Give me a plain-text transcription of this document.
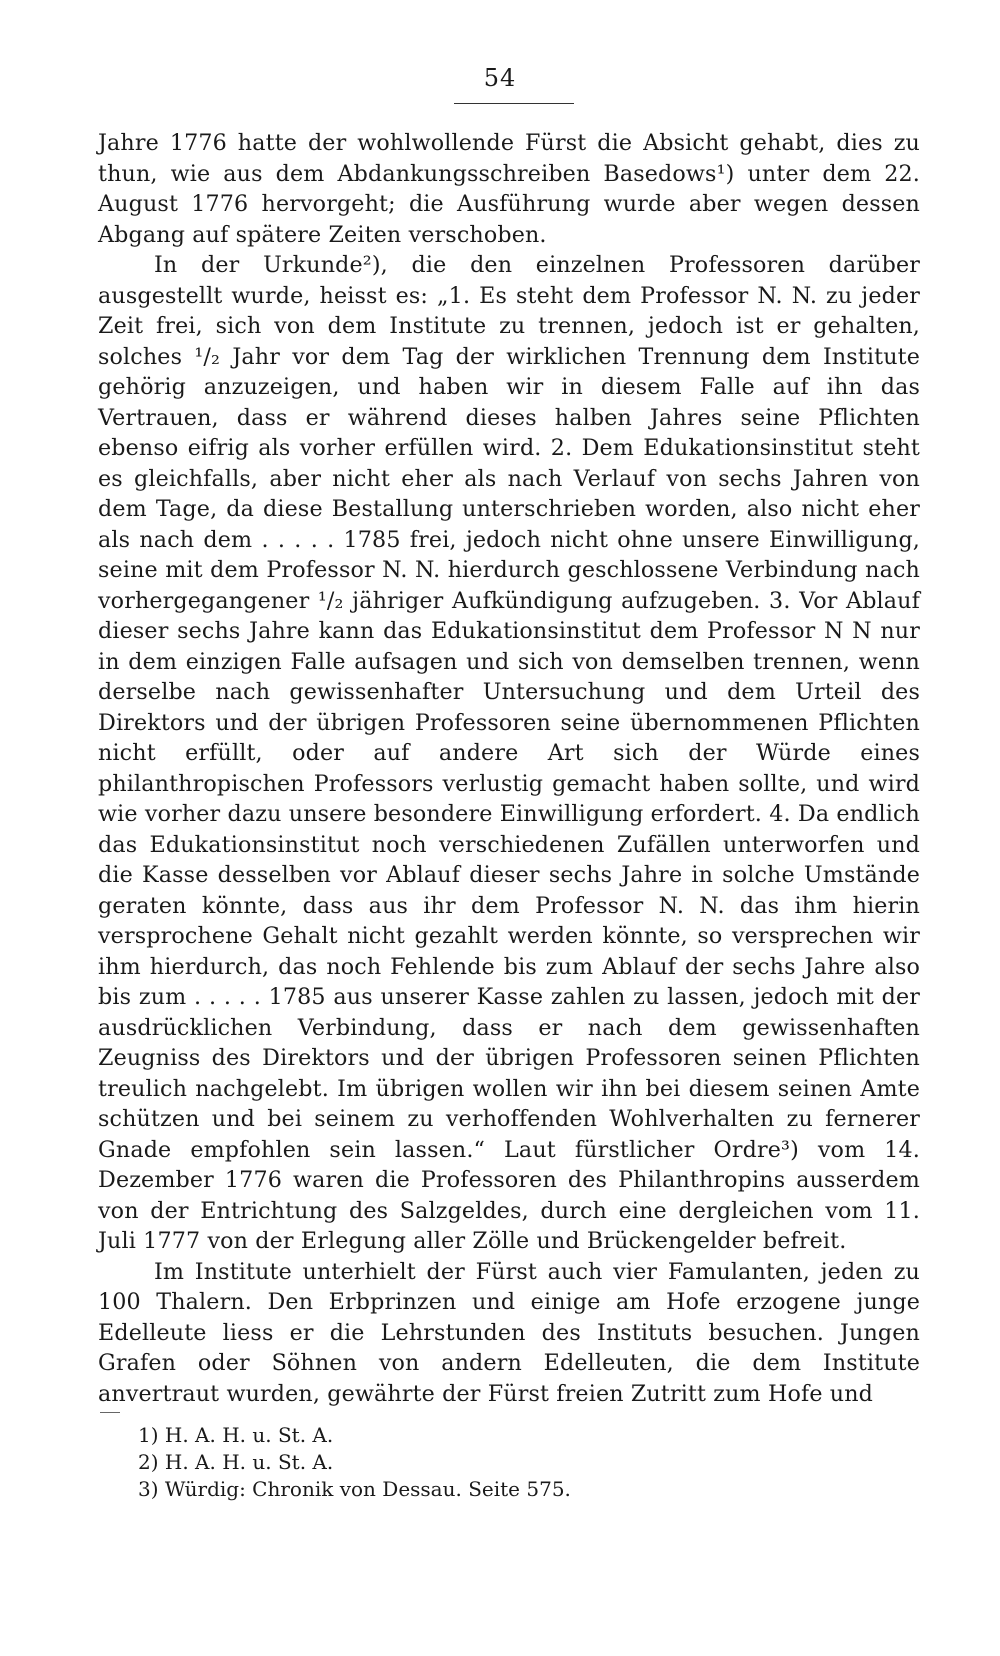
54

Jahre 1776 hatte der wohlwollende Fürst die Absicht gehabt, dies zu thun, wie aus dem Abdankungsschreiben Basedows¹) unter dem 22. August 1776 hervorgeht; die Ausführung wurde aber wegen dessen Abgang auf spätere Zeiten verschoben.

In der Urkunde²), die den einzelnen Professoren darüber ausgestellt wurde, heisst es: „1. Es steht dem Professor N. N. zu jeder Zeit frei, sich von dem Institute zu trennen, jedoch ist er gehalten, solches ¹/₂ Jahr vor dem Tag der wirklichen Trennung dem Institute gehörig anzuzeigen, und haben wir in diesem Falle auf ihn das Vertrauen, dass er während dieses halben Jahres seine Pflichten ebenso eifrig als vorher erfüllen wird. 2. Dem Edukationsinstitut steht es gleichfalls, aber nicht eher als nach Verlauf von sechs Jahren von dem Tage, da diese Bestallung unterschrieben worden, also nicht eher als nach dem . . . . . 1785 frei, jedoch nicht ohne unsere Einwilligung, seine mit dem Professor N. N. hierdurch geschlossene Verbindung nach vorhergegangener ¹/₂ jähriger Aufkündigung aufzugeben. 3. Vor Ablauf dieser sechs Jahre kann das Edukationsinstitut dem Professor N N nur in dem einzigen Falle aufsagen und sich von demselben trennen, wenn derselbe nach gewissenhafter Untersuchung und dem Urteil des Direktors und der übrigen Professoren seine übernommenen Pflichten nicht erfüllt, oder auf andere Art sich der Würde eines philanthropischen Professors verlustig gemacht haben sollte, und wird wie vorher dazu unsere besondere Einwilligung erfordert. 4. Da endlich das Edukationsinstitut noch verschiedenen Zufällen unterworfen und die Kasse desselben vor Ablauf dieser sechs Jahre in solche Umstände geraten könnte, dass aus ihr dem Professor N. N. das ihm hierin versprochene Gehalt nicht gezahlt werden könnte, so versprechen wir ihm hierdurch, das noch Fehlende bis zum Ablauf der sechs Jahre also bis zum . . . . . 1785 aus unserer Kasse zahlen zu lassen, jedoch mit der ausdrücklichen Verbindung, dass er nach dem gewissenhaften Zeugniss des Direktors und der übrigen Professoren seinen Pflichten treulich nachgelebt. Im übrigen wollen wir ihn bei diesem seinen Amte schützen und bei seinem zu verhoffenden Wohlverhalten zu fernerer Gnade empfohlen sein lassen.“ Laut fürstlicher Ordre³) vom 14. Dezember 1776 waren die Professoren des Philanthropins ausserdem von der Entrichtung des Salzgeldes, durch eine dergleichen vom 11. Juli 1777 von der Erlegung aller Zölle und Brückengelder befreit.

Im Institute unterhielt der Fürst auch vier Famulanten, jeden zu 100 Thalern. Den Erbprinzen und einige am Hofe erzogene junge Edelleute liess er die Lehrstunden des Instituts besuchen. Jungen Grafen oder Söhnen von andern Edelleuten, die dem Institute anvertraut wurden, gewährte der Fürst freien Zutritt zum Hofe und

1) H. A. H. u. St. A.
2) H. A. H. u. St. A.
3) Würdig: Chronik von Dessau. Seite 575.
